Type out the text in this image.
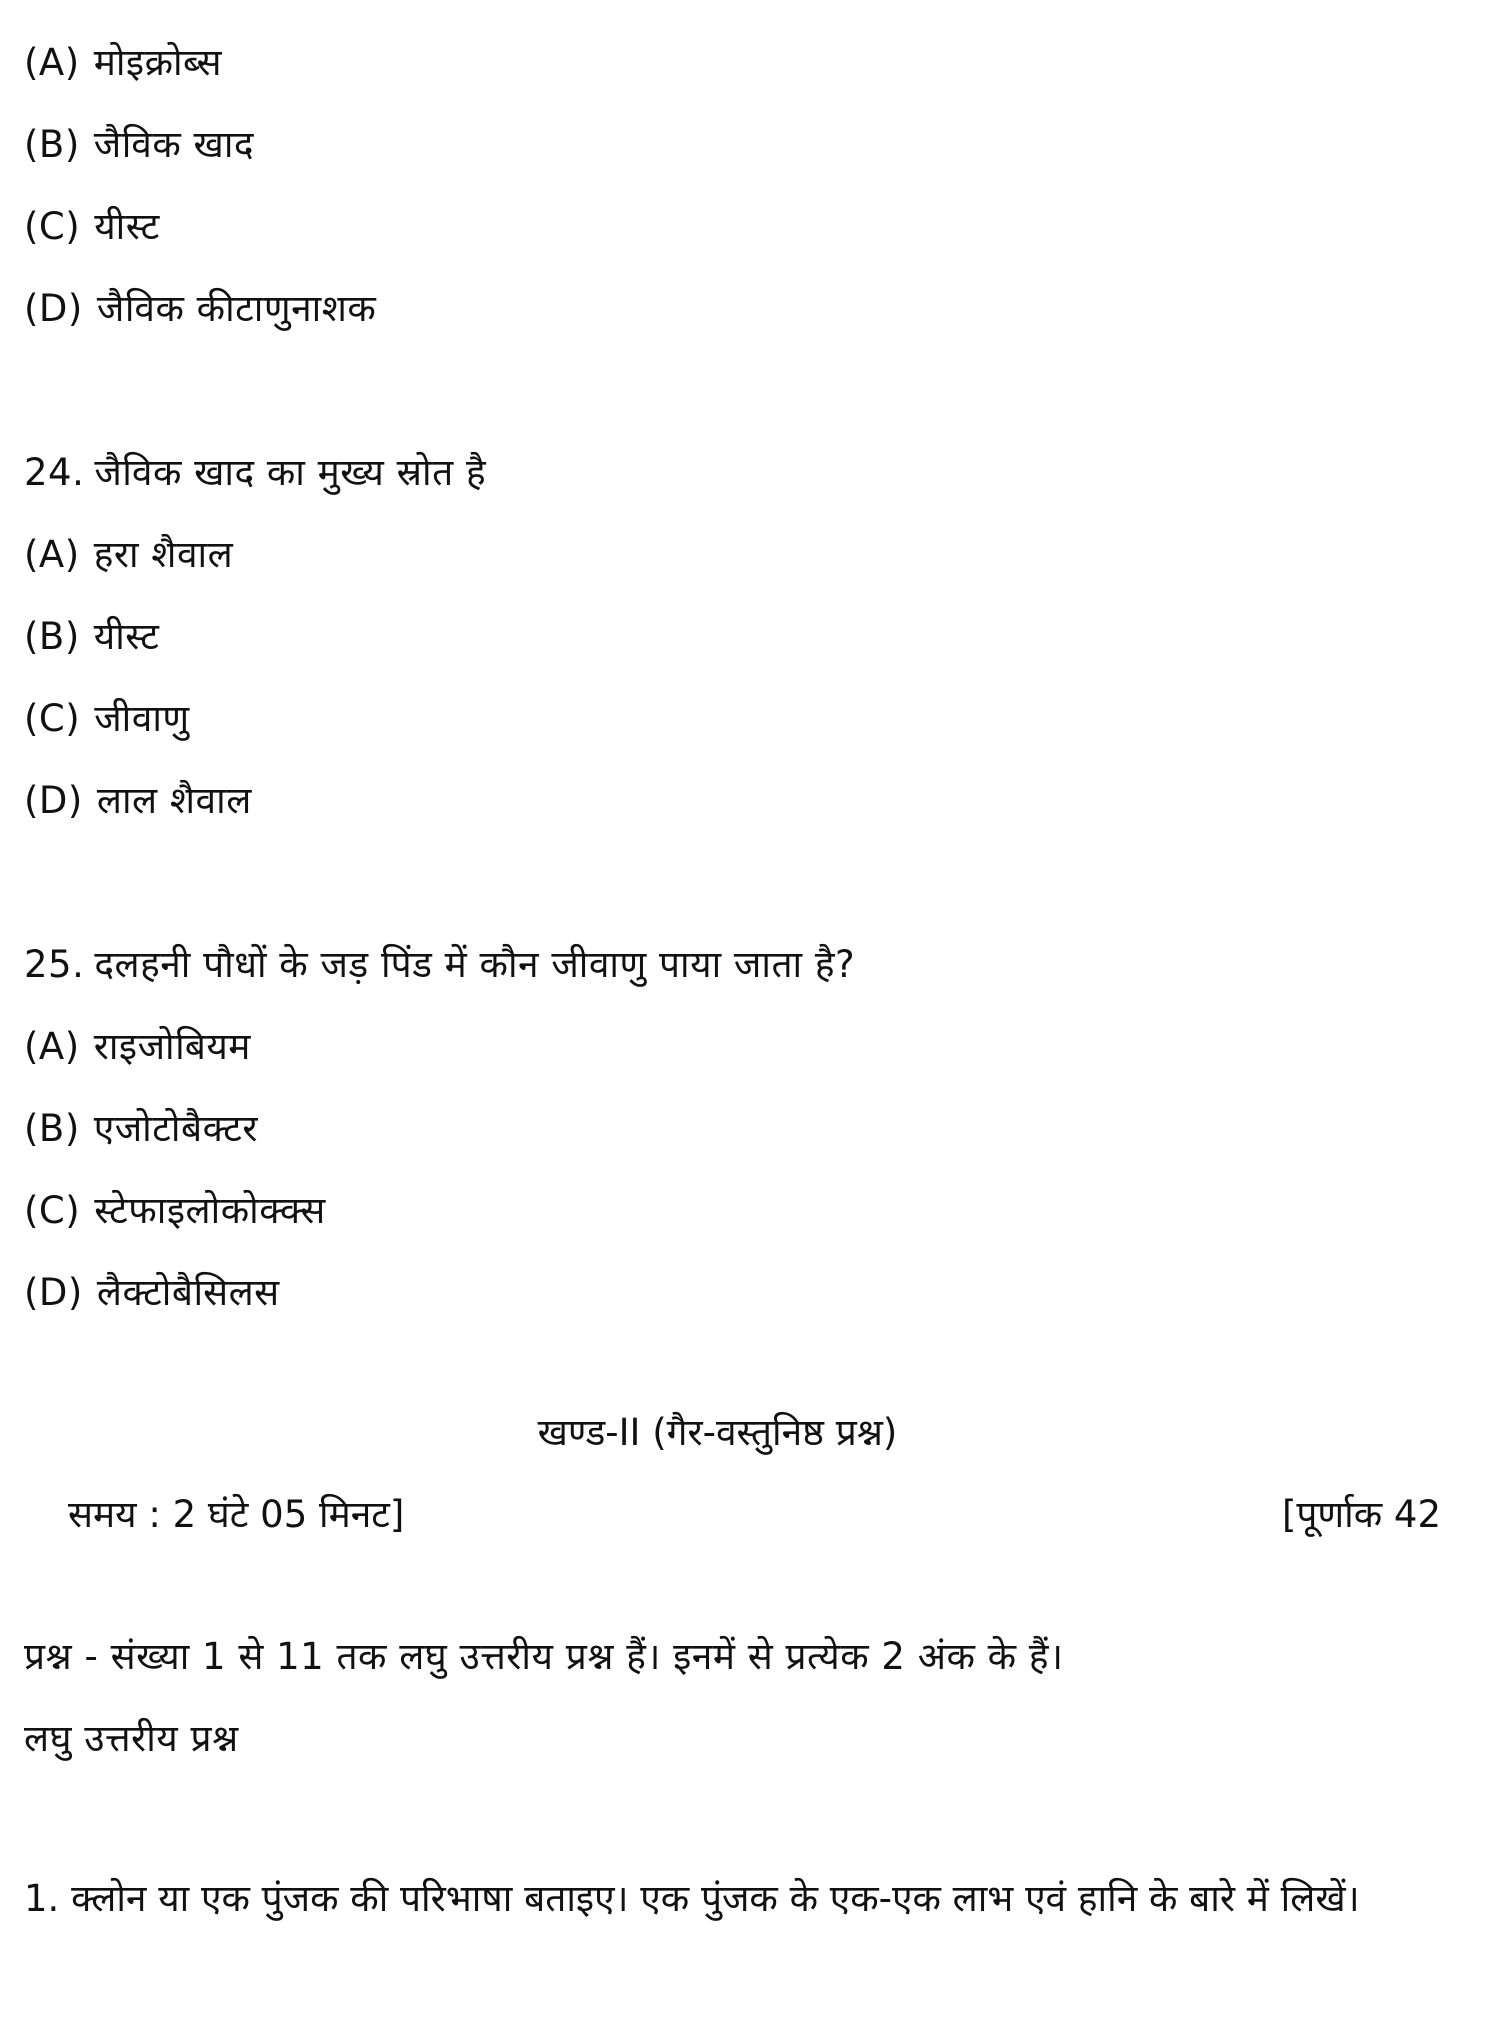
(A) मोइक्रोब्स
(B) जैविक खाद
(C) यीस्ट
(D) जैविक कीटाणुनाशक
24. जैविक खाद का मुख्य स्रोत है
(A) हरा शैवाल
(B) यीस्ट
(C) जीवाणु
(D) लाल शैवाल
25. दलहनी पौधों के जड़ पिंड में कौन जीवाणु पाया जाता है?
(A) राइजोबियम
(B) एजोटोबैक्टर
(C) स्टेफाइलोकोक्क्स
(D) लैक्टोबैसिलस
खण्ड-II (गैर-वस्तुनिष्ठ प्रश्न)
समय : 2 घंटे 05 मिनट]	[पूर्णाक 42
प्रश्न - संख्या 1 से 11 तक लघु उत्तरीय प्रश्न हैं। इनमें से प्रत्येक 2 अंक के हैं।
लघु उत्तरीय प्रश्न
1. क्लोन या एक पुंजक की परिभाषा बताइए। एक पुंजक के एक-एक लाभ एवं हानि के बारे में लिखें।
